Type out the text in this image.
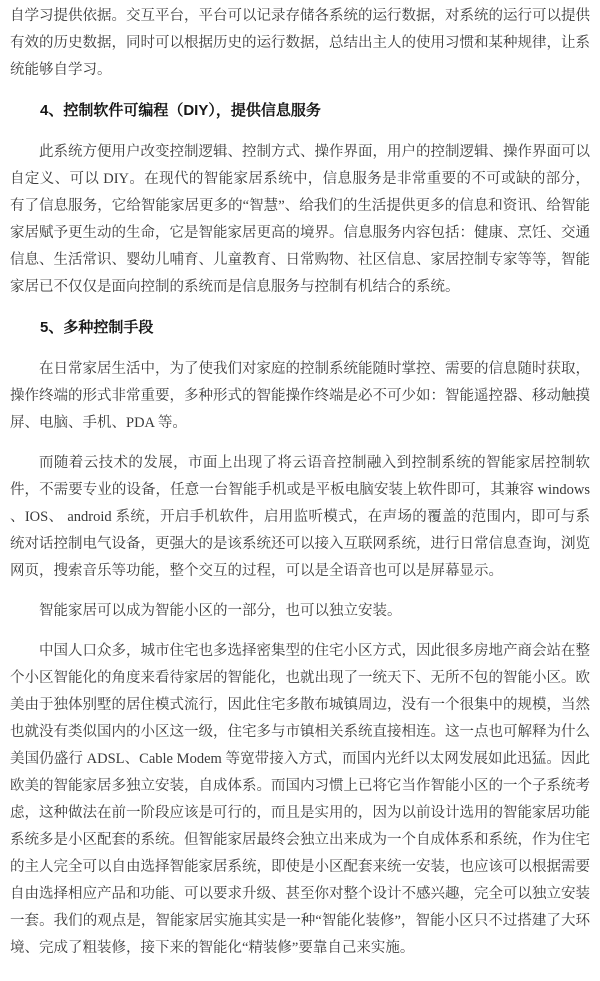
自学习提供依据。交互平台，平台可以记录存储各系统的运行数据，对系统的运行可以提供有效的历史数据，同时可以根据历史的运行数据，总结出主人的使用习惯和某种规律，让系统能够自学习。

4、控制软件可编程（DIY），提供信息服务

此系统方便用户改变控制逻辑、控制方式、操作界面，用户的控制逻辑、操作界面可以自定义、可以 DIY。在现代的智能家居系统中，信息服务是非常重要的不可或缺的部分，有了信息服务，它给智能家居更多的“智慧”、给我们的生活提供更多的信息和资讯、给智能家居赋予更生动的生命，它是智能家居更高的境界。信息服务内容包括：健康、烹饪、交通信息、生活常识、婴幼儿哺育、儿童教育、日常购物、社区信息、家居控制专家等等，智能家居已不仅仅是面向控制的系统而是信息服务与控制有机结合的系统。

5、多种控制手段

在日常家居生活中，为了使我们对家庭的控制系统能随时掌控、需要的信息随时获取，操作终端的形式非常重要，多种形式的智能操作终端是必不可少如：智能遥控器、移动触摸屏、电脑、手机、PDA 等。

而随着云技术的发展，市面上出现了将云语音控制融入到控制系统的智能家居控制软件，不需要专业的设备，任意一台智能手机或是平板电脑安装上软件即可，其兼容 windows 、IOS、 android 系统，开启手机软件，启用监听模式，在声场的覆盖的范围内，即可与系统对话控制电气设备，更强大的是该系统还可以接入互联网系统，进行日常信息查询，浏览网页，搜索音乐等功能，整个交互的过程，可以是全语音也可以是屏幕显示。

智能家居可以成为智能小区的一部分，也可以独立安装。

中国人口众多，城市住宅也多选择密集型的住宅小区方式，因此很多房地产商会站在整个小区智能化的角度来看待家居的智能化，也就出现了一统天下、无所不包的智能小区。欧美由于独体别墅的居住模式流行，因此住宅多散布城镇周边，没有一个很集中的规模，当然也就没有类似国内的小区这一级，住宅多与市镇相关系统直接相连。这一点也可解释为什么美国仍盛行 ADSL、Cable Modem 等宽带接入方式，而国内光纤以太网发展如此迅猛。因此欧美的智能家居多独立安装，自成体系。而国内习惯上已将它当作智能小区的一个子系统考虑，这种做法在前一阶段应该是可行的，而且是实用的，因为以前设计选用的智能家居功能系统多是小区配套的系统。但智能家居最终会独立出来成为一个自成体系和系统，作为住宅的主人完全可以自由选择智能家居系统，即使是小区配套来统一安装，也应该可以根据需要自由选择相应产品和功能、可以要求升级、甚至你对整个设计不感兴趣，完全可以独立安装一套。我们的观点是，智能家居实施其实是一种“智能化装修”，智能小区只不过搭建了大环境、完成了粗装修，接下来的智能化“精装修”要靠自己来实施。
